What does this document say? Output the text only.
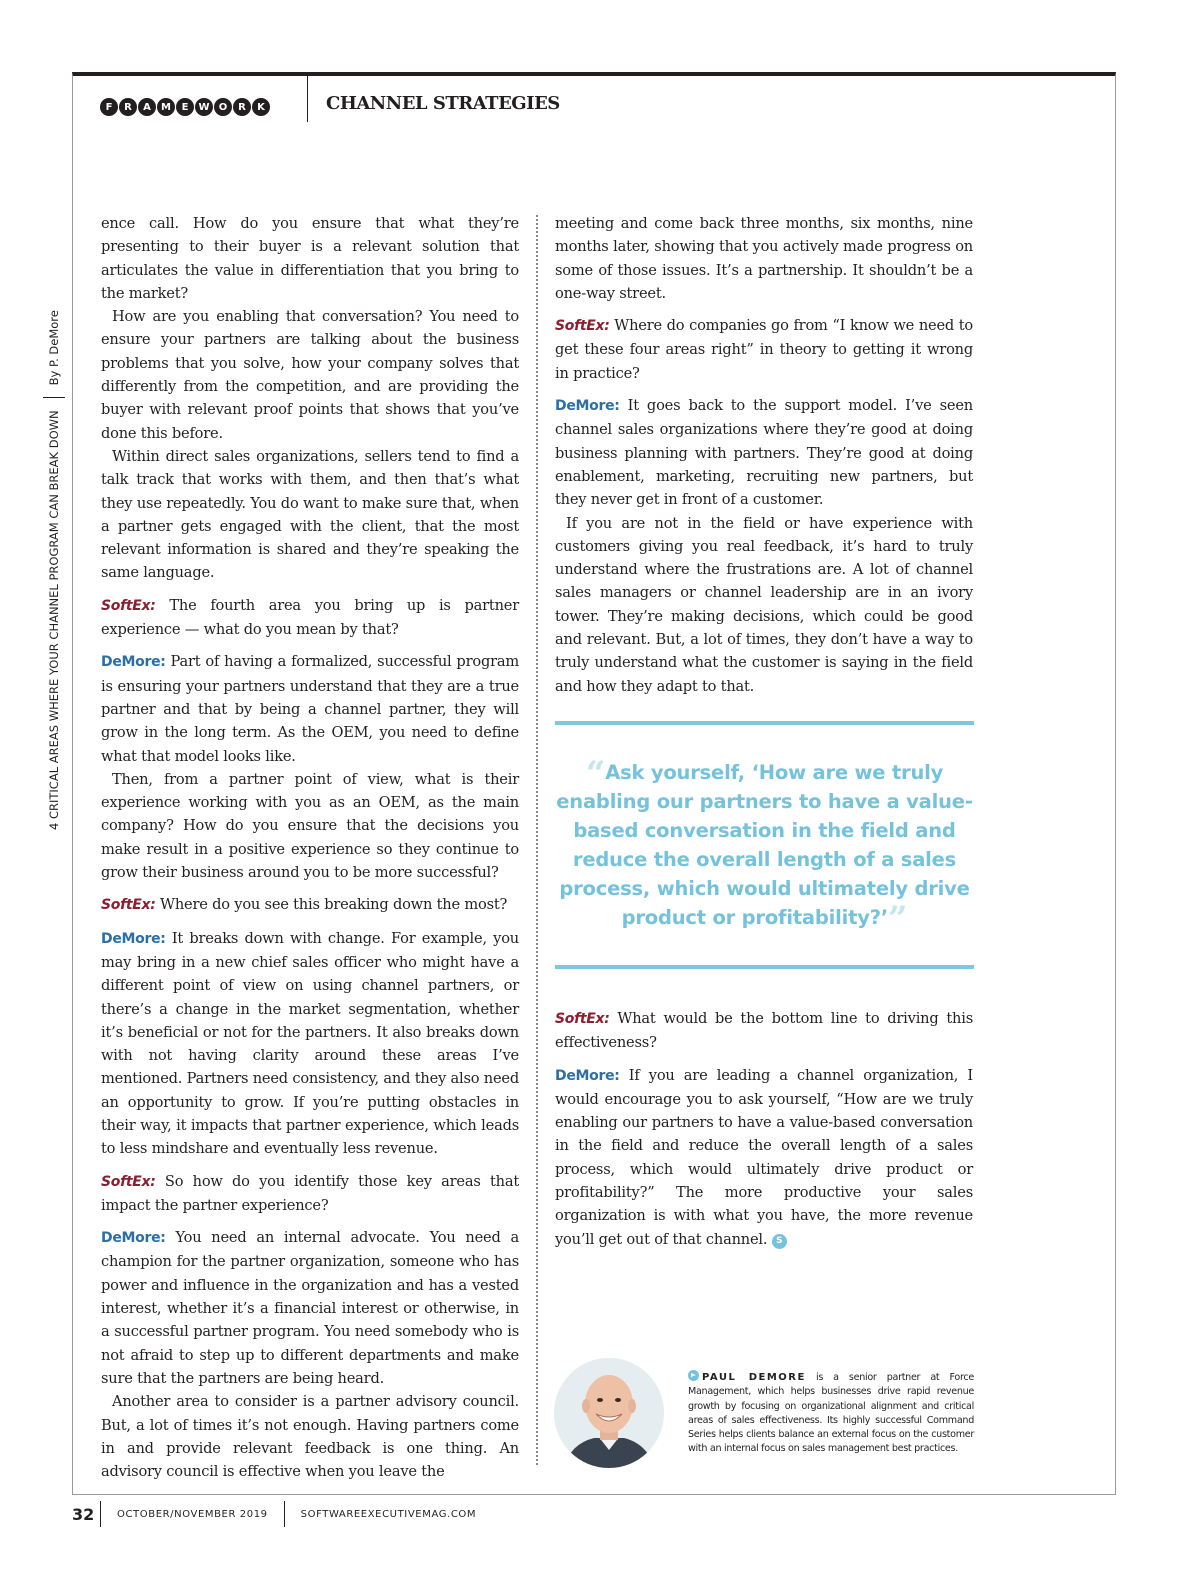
F	R	A	M	E	W O	R	K	CHANNEL STRATEGIES
4 CRITICAL AREAS WHERE YOUR CHANNEL PROGRAM CAN BREAK DOWN
By P. DeMore

ence call. How do you ensure that what they’re presenting to their buyer is a relevant solution that articulates the value in differentiation that you bring to the market?

How are you enabling that conversation? You need to ensure your partners are talking about the business problems that you solve, how your company solves that differently from the competition, and are providing the buyer with relevant proof points that shows that you’ve done this before.

Within direct sales organizations, sellers tend to find a talk track that works with them, and then that’s what they use repeatedly. You do want to make sure that, when a partner gets engaged with the client, that the most relevant information is shared and they’re speaking the same language.

SoftEx: The fourth area you bring up is partner experience — what do you mean by that?

DeMore: Part of having a formalized, successful program is ensuring your partners understand that they are a true partner and that by being a channel partner, they will grow in the long term. As the OEM, you need to define what that model looks like.

Then, from a partner point of view, what is their experience working with you as an OEM, as the main company? How do you ensure that the decisions you make result in a positive experience so they continue to grow their business around you to be more successful?

SoftEx: Where do you see this breaking down the most?

DeMore: It breaks down with change. For example, you may bring in a new chief sales officer who might have a different point of view on using channel partners, or there’s a change in the market segmentation, whether it’s beneficial or not for the partners. It also breaks down with not having clarity around these areas I’ve mentioned. Partners need consistency, and they also need an opportunity to grow. If you’re putting obstacles in their way, it impacts that partner experience, which leads to less mindshare and eventually less revenue.

SoftEx: So how do you identify those key areas that impact the partner experience?

DeMore: You need an internal advocate. You need a champion for the partner organization, someone who has power and influence in the organization and has a vested interest, whether it’s a financial interest or otherwise, in a successful partner program. You need somebody who is not afraid to step up to different departments and make sure that the partners are being heard.

Another area to consider is a partner advisory council. But, a lot of times it’s not enough. Having partners come in and provide relevant feedback is one thing. An advisory council is effective when you leave the

meeting and come back three months, six months, nine months later, showing that you actively made progress on some of those issues. It’s a partnership. It shouldn’t be a one-way street.

SoftEx: Where do companies go from “I know we need to get these four areas right” in theory to getting it wrong in practice?

DeMore: It goes back to the support model. I’ve seen channel sales organizations where they’re good at doing business planning with partners. They’re good at doing enablement, marketing, recruiting new partners, but they never get in front of a customer.

If you are not in the field or have experience with customers giving you real feedback, it’s hard to truly understand where the frustrations are. A lot of channel sales managers or channel leadership are in an ivory tower. They’re making decisions, which could be good and relevant. But, a lot of times, they don’t have a way to truly understand what the customer is saying in the field and how they adapt to that.

“Ask yourself, ‘How are we truly enabling our partners to have a value-based conversation in the field and reduce the overall length of a sales process, which would ultimately drive product or profitability?’”

SoftEx: What would be the bottom line to driving this effectiveness?

DeMore: If you are leading a channel organization, I would encourage you to ask yourself, “How are we truly enabling our partners to have a value-based conversation in the field and reduce the overall length of a sales process, which would ultimately drive product or profitability?” The more productive your sales organization is with what you have, the more revenue you’ll get out of that channel. S

PAUL DEMORE is a senior partner at Force Management, which helps businesses drive rapid revenue growth by focusing on organizational alignment and critical areas of sales effectiveness. Its highly successful Command Series helps clients balance an external focus on the customer with an internal focus on sales management best practices.
32	OCTOBER/NOVEMBER 2019	SOFTWAREEXECUTIVEMAG.COM
